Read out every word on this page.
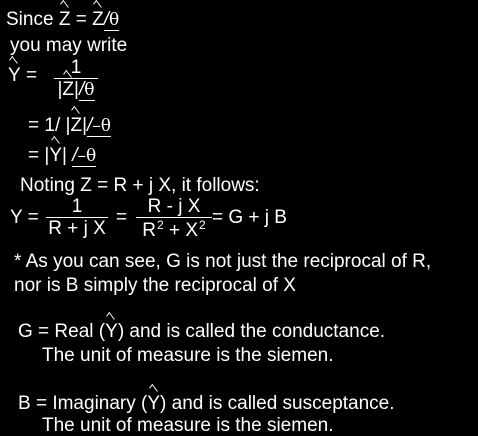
Since Z = Z/θ
you may write
Y =	1
|Z|/θ
= 1/ |Z|/–θ
= |Y| /–θ
Noting Z = R + j X, it follows:
Y =
1
R + j X
=
R - j X
$R^2 + X^2 = G + j$ B
* As you can see, G is not just the reciprocal of R,
nor is B simply the reciprocal of X
G = Real (Y) and is called the conductance.
The unit of measure is the siemen.
B = Imaginary (Y) and is called susceptance.
The unit of measure is the siemen.
